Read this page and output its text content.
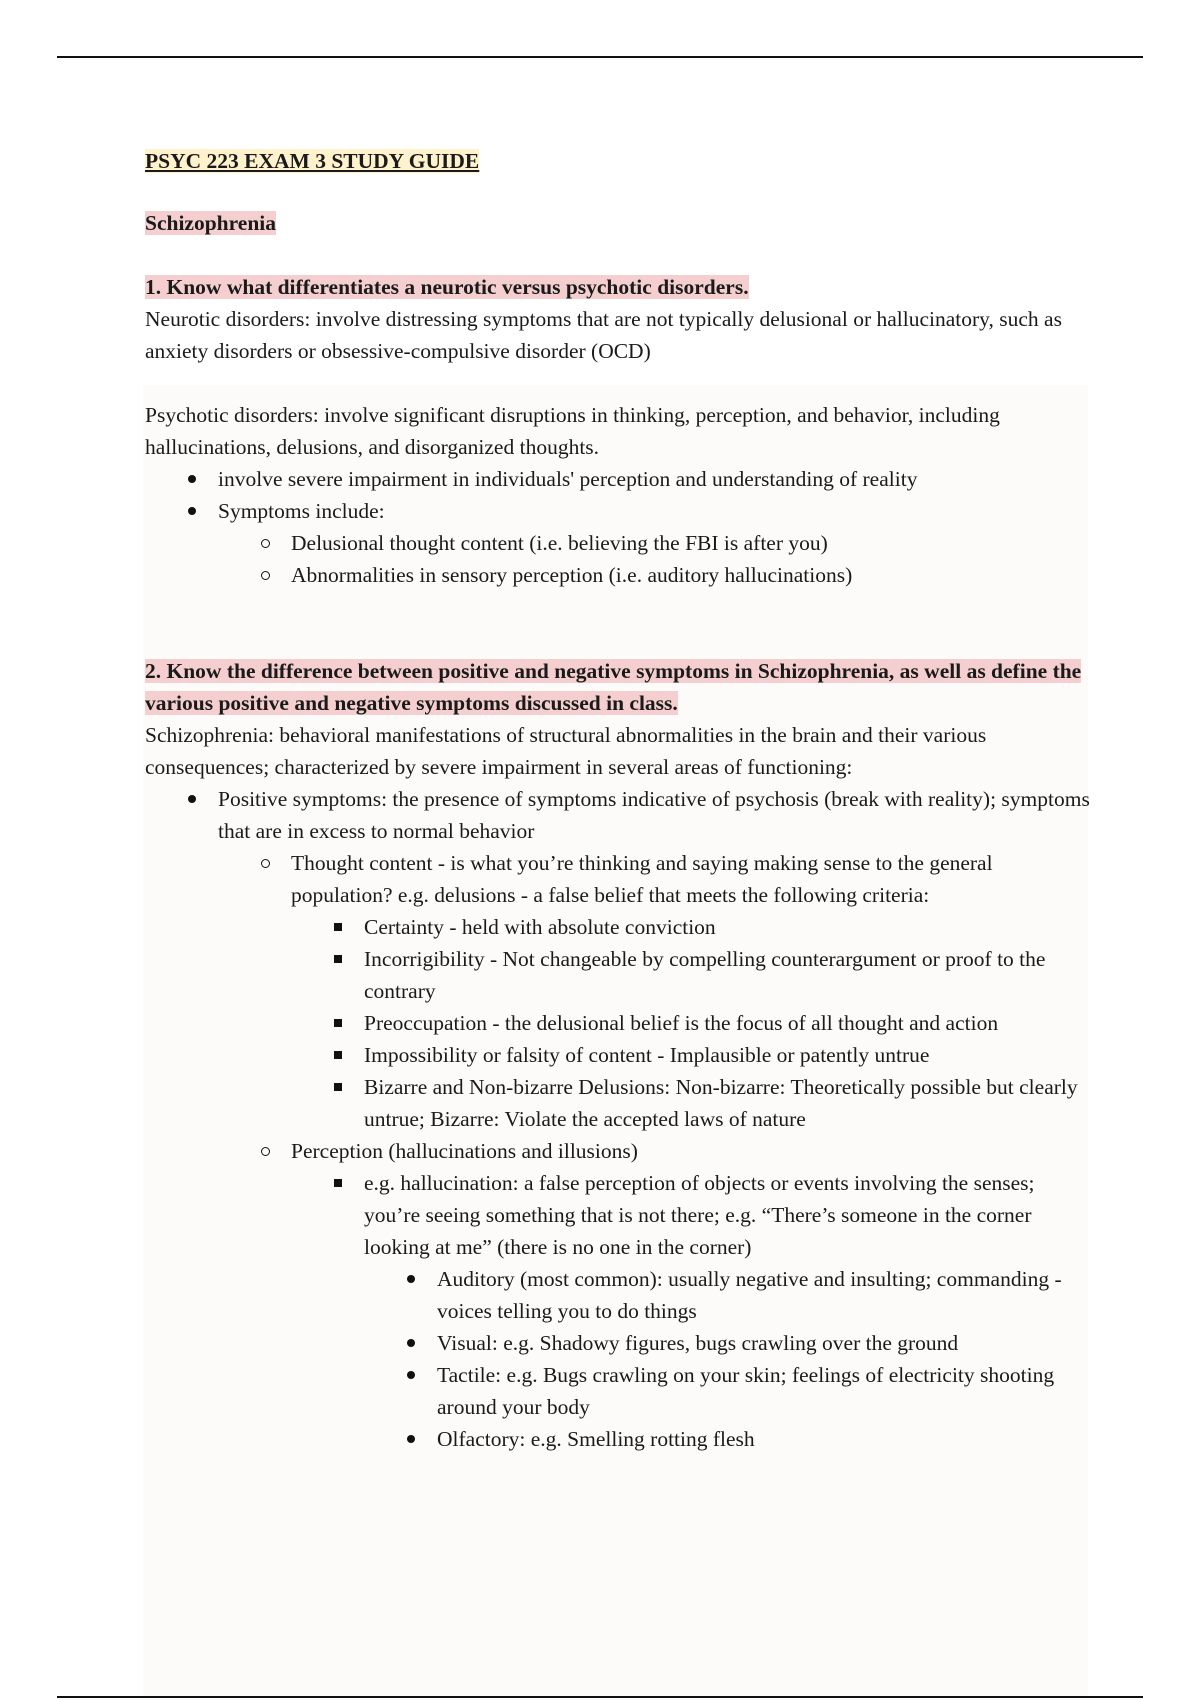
PSYC 223 EXAM 3 STUDY GUIDE

Schizophrenia

1. Know what differentiates a neurotic versus psychotic disorders.

Neurotic disorders: involve distressing symptoms that are not typically delusional or hallucinatory, such as anxiety disorders or obsessive-compulsive disorder (OCD)

Psychotic disorders: involve significant disruptions in thinking, perception, and behavior, including hallucinations, delusions, and disorganized thoughts.

involve severe impairment in individuals' perception and understanding of reality
Symptoms include:
Delusional thought content (i.e. believing the FBI is after you)
Abnormalities in sensory perception (i.e. auditory hallucinations)

2. Know the difference between positive and negative symptoms in Schizophrenia, as well as define the various positive and negative symptoms discussed in class.

Schizophrenia: behavioral manifestations of structural abnormalities in the brain and their various consequences; characterized by severe impairment in several areas of functioning:

Positive symptoms: the presence of symptoms indicative of psychosis (break with reality); symptoms that are in excess to normal behavior
Thought content - is what you’re thinking and saying making sense to the general population? e.g. delusions - a false belief that meets the following criteria:
Certainty - held with absolute conviction
Incorrigibility - Not changeable by compelling counterargument or proof to the contrary
Preoccupation - the delusional belief is the focus of all thought and action
Impossibility or falsity of content - Implausible or patently untrue
Bizarre and Non-bizarre Delusions: Non-bizarre: Theoretically possible but clearly untrue; Bizarre: Violate the accepted laws of nature
Perception (hallucinations and illusions)
e.g. hallucination: a false perception of objects or events involving the senses; you’re seeing something that is not there; e.g. “There’s someone in the corner looking at me” (there is no one in the corner)
Auditory (most common): usually negative and insulting; commanding - voices telling you to do things
Visual: e.g. Shadowy figures, bugs crawling over the ground
Tactile: e.g. Bugs crawling on your skin; feelings of electricity shooting around your body
Olfactory: e.g. Smelling rotting flesh
